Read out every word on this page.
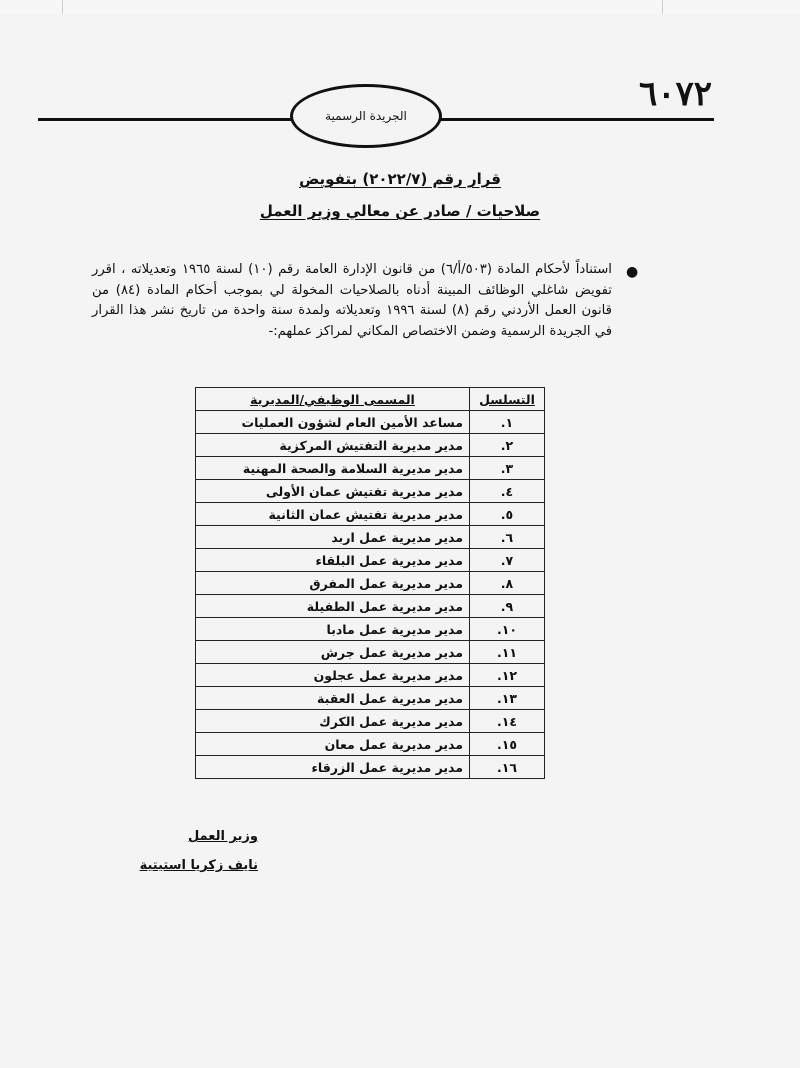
٦٠٧٢
الجريدة الرسمية
قرار رقم (٢٠٢٢/٧) بتفويض
صلاحيات / صادر عن معالي وزير العمل
●
استناداً لأحكام المادة (٥٠٣/أ/٦) من قانون الإدارة العامة رقم (١٠) لسنة ١٩٦٥ وتعديلاته ، اقرر تفويض شاغلي الوظائف المبينة أدناه بالصلاحيات المخولة لي بموجب أحكام المادة (٨٤) من قانون العمل الأردني رقم (٨) لسنة ١٩٩٦ وتعديلاته ولمدة سنة واحدة من تاريخ نشر هذا القرار في الجريدة الرسمية وضمن الاختصاص المكاني لمراكز عملهم:-
التسلسل	المسمى الوظيفي/المديرية
١.	مساعد الأمين العام لشؤون العمليات
٢.	مدير مديرية التفتيش المركزية
٣.	مدير مديرية السلامة والصحة المهنية
٤.	مدير مديرية تفتيش عمان الأولى
٥.	مدير مديرية تفتيش عمان الثانية
٦.	مدير مديرية عمل اربد
٧.	مدير مديرية عمل البلقاء
٨.	مدير مديرية عمل المفرق
٩.	مدير مديرية عمل الطفيلة
١٠.	مدير مديرية عمل مادبا
١١.	مدير مديرية عمل جرش
١٢.	مدير مديرية عمل عجلون
١٣.	مدير مديرية عمل العقبة
١٤.	مدير مديرية عمل الكرك
١٥.	مدير مديرية عمل معان
١٦.	مدير مديرية عمل الزرقاء
وزير العمل
نايف زكريا استيتية
